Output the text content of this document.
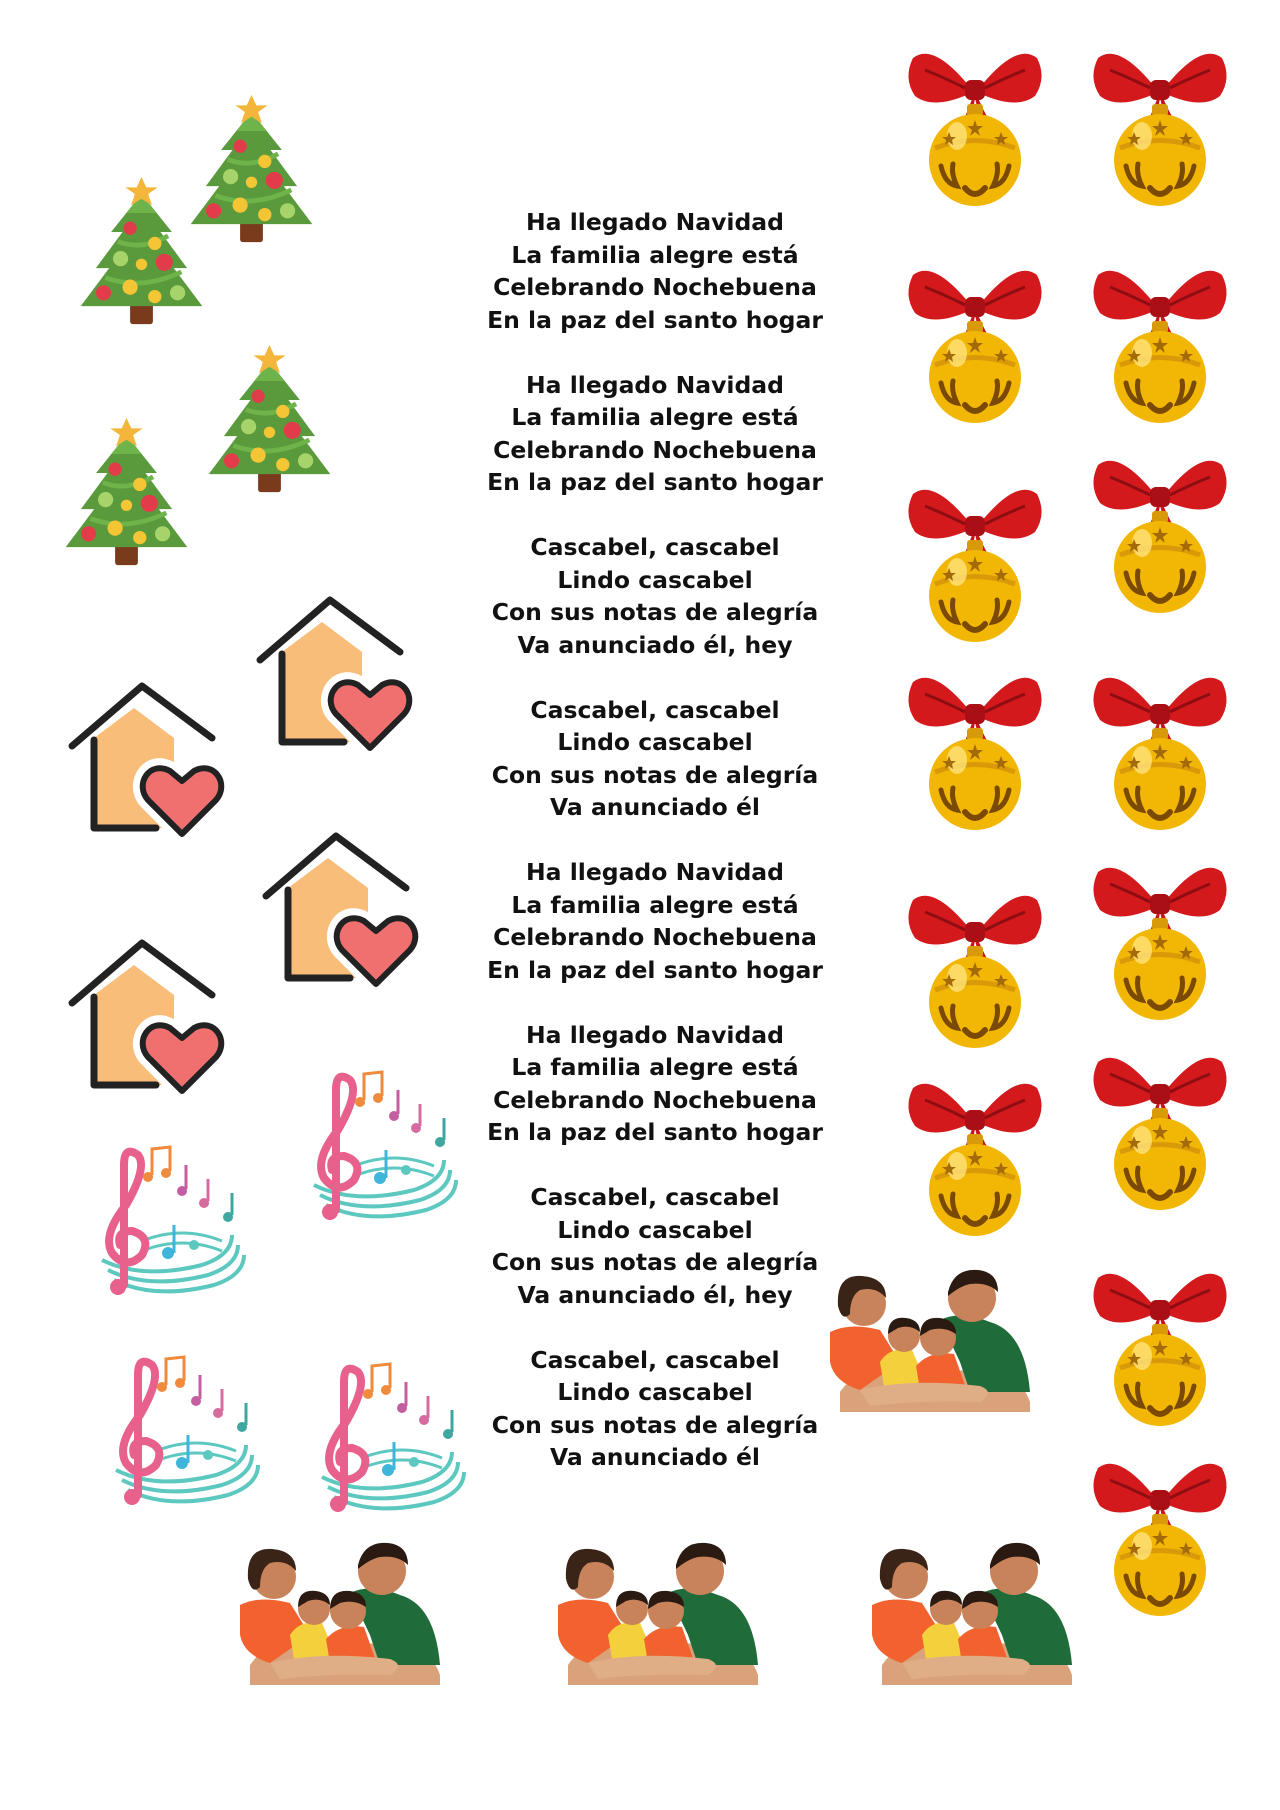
Ha llegado Navidad
La familia alegre está
Celebrando Nochebuena
En la paz del santo hogar
Ha llegado Navidad
La familia alegre está
Celebrando Nochebuena
En la paz del santo hogar
Cascabel, cascabel
Lindo cascabel
Con sus notas de alegría
Va anunciado él, hey
Cascabel, cascabel
Lindo cascabel
Con sus notas de alegría
Va anunciado él
Ha llegado Navidad
La familia alegre está
Celebrando Nochebuena
En la paz del santo hogar
Ha llegado Navidad
La familia alegre está
Celebrando Nochebuena
En la paz del santo hogar
Cascabel, cascabel
Lindo cascabel
Con sus notas de alegría
Va anunciado él, hey
Cascabel, cascabel
Lindo cascabel
Con sus notas de alegría
Va anunciado él
